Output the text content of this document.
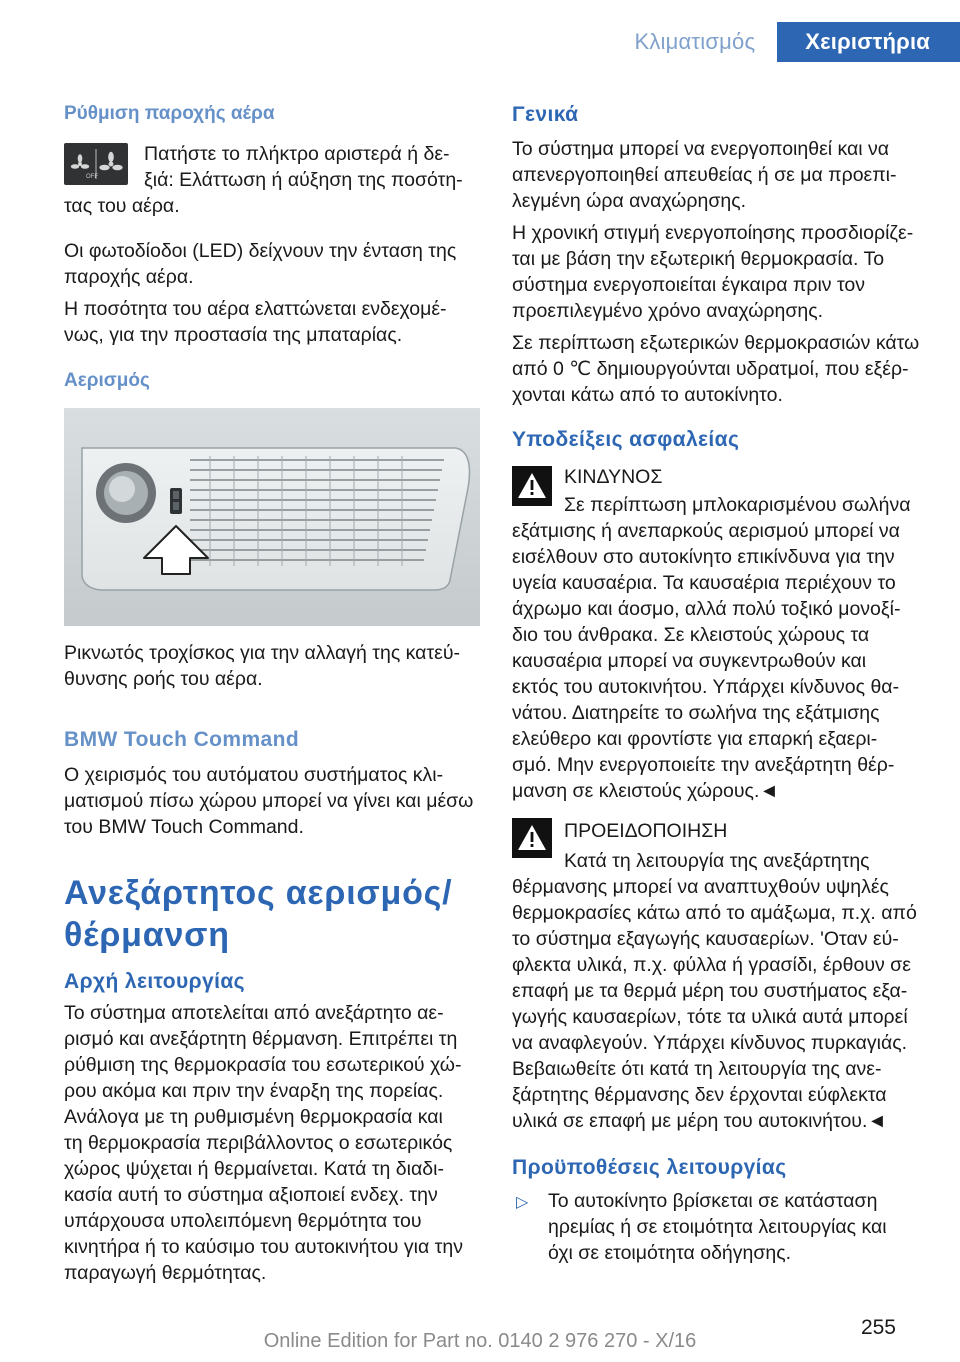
Κλιματισμός	Χειριστήρια
Ρύθμιση παροχής αέρα
OFF

Πατήστε το πλήκτρο αριστερά ή δε‐

ξιά: Ελάττωση ή αύξηση της ποσότη‐

τας του αέρα.

Οι φωτοδίοδοι (LED) δείχνουν την ένταση της

παροχής αέρα.

Η ποσότητα του αέρα ελαττώνεται ενδεχομέ‐

νως, για την προστασία της μπαταρίας.

Αερισμός

Ρικνωτός τροχίσκος για την αλλαγή της κατεύ‐

θυνσης ροής του αέρα.

BMW Touch Command

Ο χειρισμός του αυτόματου συστήματος κλι‐

ματισμού πίσω χώρου μπορεί να γίνει και μέσω

του BMW Touch Command.

Ανεξάρτητος αερισμός/
θέρμανση
Αρχή λειτουργίας

Το σύστημα αποτελείται από ανεξάρτητο αε‐

ρισμό και ανεξάρτητη θέρμανση. Επιτρέπει τη

ρύθμιση της θερμοκρασία του εσωτερικού χώ‐

ρου ακόμα και πριν την έναρξη της πορείας.

Ανάλογα με τη ρυθμισμένη θερμοκρασία και

τη θερμοκρασία περιβάλλοντος ο εσωτερικός

χώρος ψύχεται ή θερμαίνεται. Κατά τη διαδι‐

κασία αυτή το σύστημα αξιοποιεί ενδεχ. την

υπάρχουσα υπολειπόμενη θερμότητα του

κινητήρα ή το καύσιμο του αυτοκινήτου για την

παραγωγή θερμότητας.

Γενικά

Το σύστημα μπορεί να ενεργοποιηθεί και να

απενεργοποιηθεί απευθείας ή σε μα προεπι‐

λεγμένη ώρα αναχώρησης.

Η χρονική στιγμή ενεργοποίησης προσδιορίζε‐

ται με βάση την εξωτερική θερμοκρασία. Το

σύστημα ενεργοποιείται έγκαιρα πριν τον

προεπιλεγμένο χρόνο αναχώρησης.

Σε περίπτωση εξωτερικών θερμοκρασιών κάτω

από 0 ℃ δημιουργούνται υδρατμοί, που εξέρ‐

χονται κάτω από το αυτοκίνητο.

Υποδείξεις ασφαλείας

ΚΙΝΔΥΝΟΣ

Σε περίπτωση μπλοκαρισμένου σωλήνα

εξάτμισης ή ανεπαρκούς αερισμού μπορεί να

εισέλθουν στο αυτοκίνητο επικίνδυνα για την

υγεία καυσαέρια. Τα καυσαέρια περιέχουν το

άχρωμο και άοσμο, αλλά πολύ τοξικό μονοξί‐

διο του άνθρακα. Σε κλειστούς χώρους τα

καυσαέρια μπορεί να συγκεντρωθούν και

εκτός του αυτοκινήτου. Υπάρχει κίνδυνος θα‐

νάτου. Διατηρείτε το σωλήνα της εξάτμισης

ελεύθερο και φροντίστε για επαρκή εξαερι‐

σμό. Μην ενεργοποιείτε την ανεξάρτητη θέρ‐

μανση σε κλειστούς χώρους.◄

ΠΡΟΕΙΔΟΠΟΙΗΣΗ

Κατά τη λειτουργία της ανεξάρτητης

θέρμανσης μπορεί να αναπτυχθούν υψηλές

θερμοκρασίες κάτω από το αμάξωμα, π.χ. από

το σύστημα εξαγωγής καυσαερίων. 'Οταν εύ‐

φλεκτα υλικά, π.χ. φύλλα ή γρασίδι, έρθουν σε

επαφή με τα θερμά μέρη του συστήματος εξα‐

γωγής καυσαερίων, τότε τα υλικά αυτά μπορεί

να αναφλεγούν. Υπάρχει κίνδυνος πυρκαγιάς.

Βεβαιωθείτε ότι κατά τη λειτουργία της ανε‐

ξάρτητης θέρμανσης δεν έρχονται εύφλεκτα

υλικά σε επαφή με μέρη του αυτοκινήτου.◄

Προϋποθέσεις λειτουργίας
▷ Το αυτοκίνητο βρίσκεται σε κατάσταση

ηρεμίας ή σε ετοιμότητα λειτουργίας και

όχι σε ετοιμότητα οδήγησης.

255
Online Edition for Part no. 0140 2 976 270 - X/16
